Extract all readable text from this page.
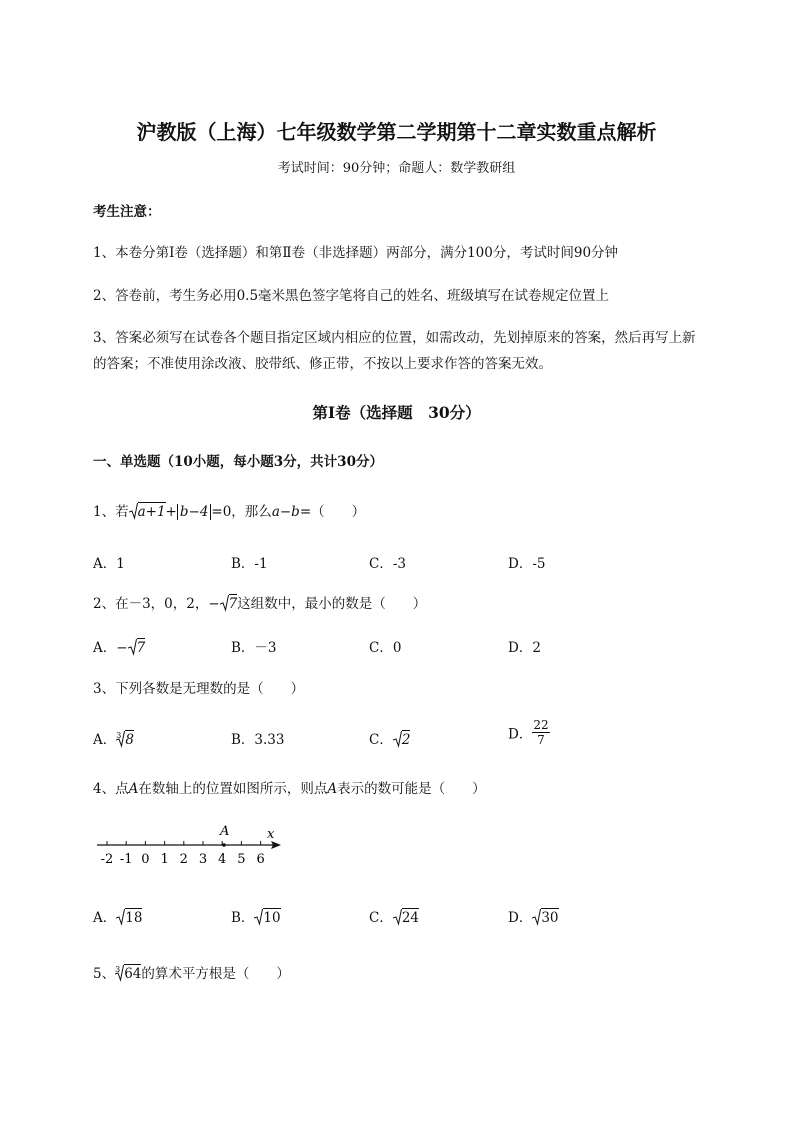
沪教版（上海）七年级数学第二学期第十二章实数重点解析
考试时间：90分钟；命题人：数学教研组
考生注意：
1、本卷分第I卷（选择题）和第Ⅱ卷（非选择题）两部分，满分100分，考试时间90分钟
2、答卷前，考生务必用0.5毫米黑色签字笔将自己的姓名、班级填写在试卷规定位置上
3、答案必须写在试卷各个题目指定区域内相应的位置，如需改动，先划掉原来的答案，然后再写上新
的答案；不准使用涂改液、胶带纸、修正带，不按以上要求作答的答案无效。
第I卷（选择题　30分）
一、单选题（10小题，每小题3分，共计30分）
1、若 a+1+ b−4 =0，那么a−b=（　　）
A．1	B．-1	C．-3	D．-5
2、在－3，0，2，− 7这组数中，最小的数是（　　）
A．− 7	B．－3	C．0	D．2
3、下列各数是无理数的是（　　）
A．$^3$ 8	B．3.33	C． 2	D． $\frac{22}{7}$
4、点A在数轴上的位置如图所示，则点A表示的数可能是（　　）
-2 -1 0 1 2 3 4 5 6
A	x
A． 18	B． 10	C． 24	D． 30
5、$^3$ 64的算术平方根是（　　）
